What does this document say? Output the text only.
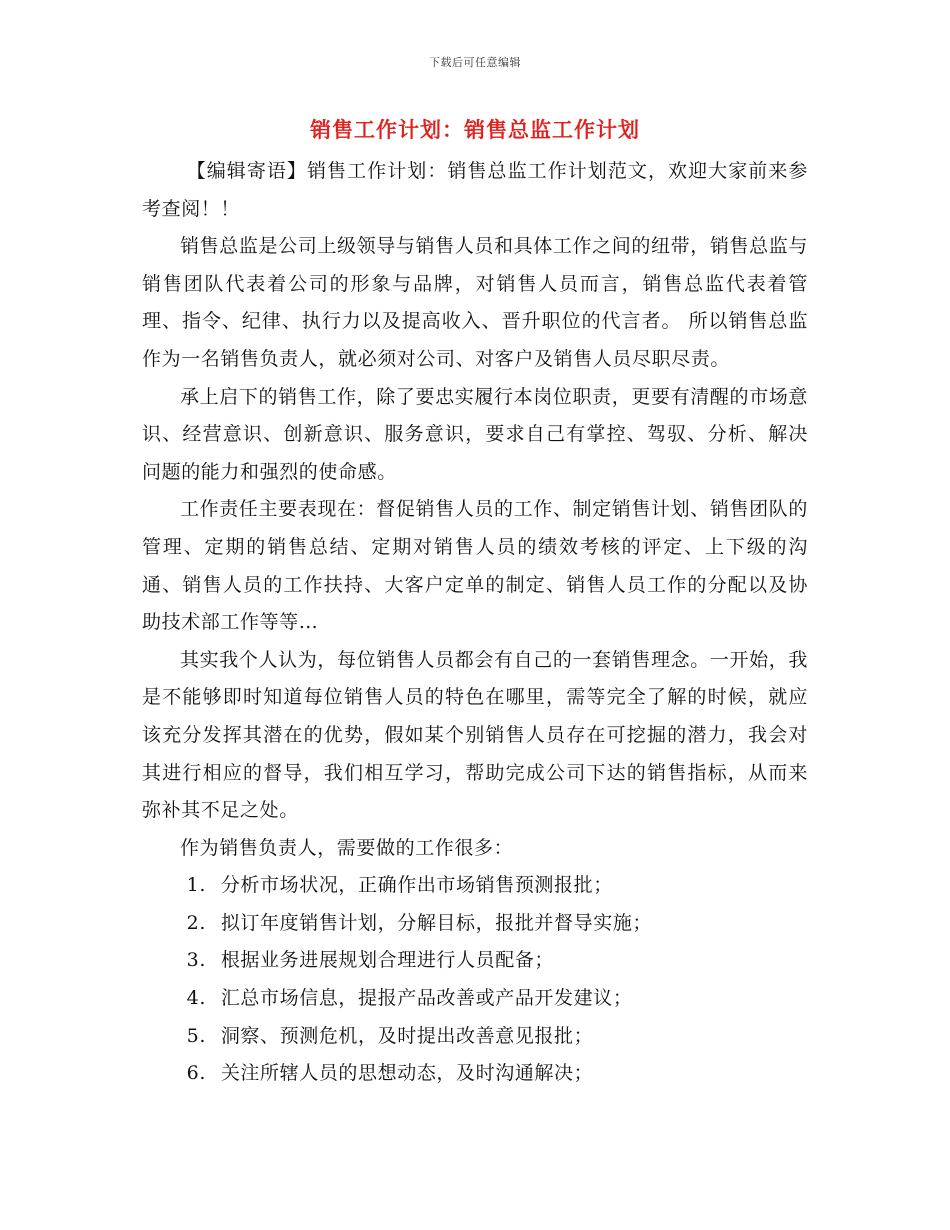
下载后可任意编辑
销售工作计划：销售总监工作计划

【编辑寄语】销售工作计划：销售总监工作计划范文，欢迎大家前来参考查阅！！

销售总监是公司上级领导与销售人员和具体工作之间的纽带，销售总监与销售团队代表着公司的形象与品牌，对销售人员而言，销售总监代表着管理、指令、纪律、执行力以及提高收入、晋升职位的代言者。 所以销售总监作为一名销售负责人，就必须对公司、对客户及销售人员尽职尽责。

承上启下的销售工作，除了要忠实履行本岗位职责，更要有清醒的市场意识、经营意识、创新意识、服务意识，要求自己有掌控、驾驭、分析、解决问题的能力和强烈的使命感。

工作责任主要表现在：督促销售人员的工作、制定销售计划、销售团队的管理、定期的销售总结、定期对销售人员的绩效考核的评定、上下级的沟通、销售人员的工作扶持、大客户定单的制定、销售人员工作的分配以及协助技术部工作等等…

其实我个人认为，每位销售人员都会有自己的一套销售理念。一开始，我是不能够即时知道每位销售人员的特色在哪里，需等完全了解的时候，就应该充分发挥其潜在的优势，假如某个别销售人员存在可挖掘的潜力，我会对其进行相应的督导，我们相互学习，帮助完成公司下达的销售指标，从而来弥补其不足之处。

作为销售负责人，需要做的工作很多：

1. 分析市场状况，正确作出市场销售预测报批；

2. 拟订年度销售计划，分解目标，报批并督导实施；

3. 根据业务进展规划合理进行人员配备；

4. 汇总市场信息，提报产品改善或产品开发建议；

5. 洞察、预测危机，及时提出改善意见报批；

6. 关注所辖人员的思想动态，及时沟通解决；
